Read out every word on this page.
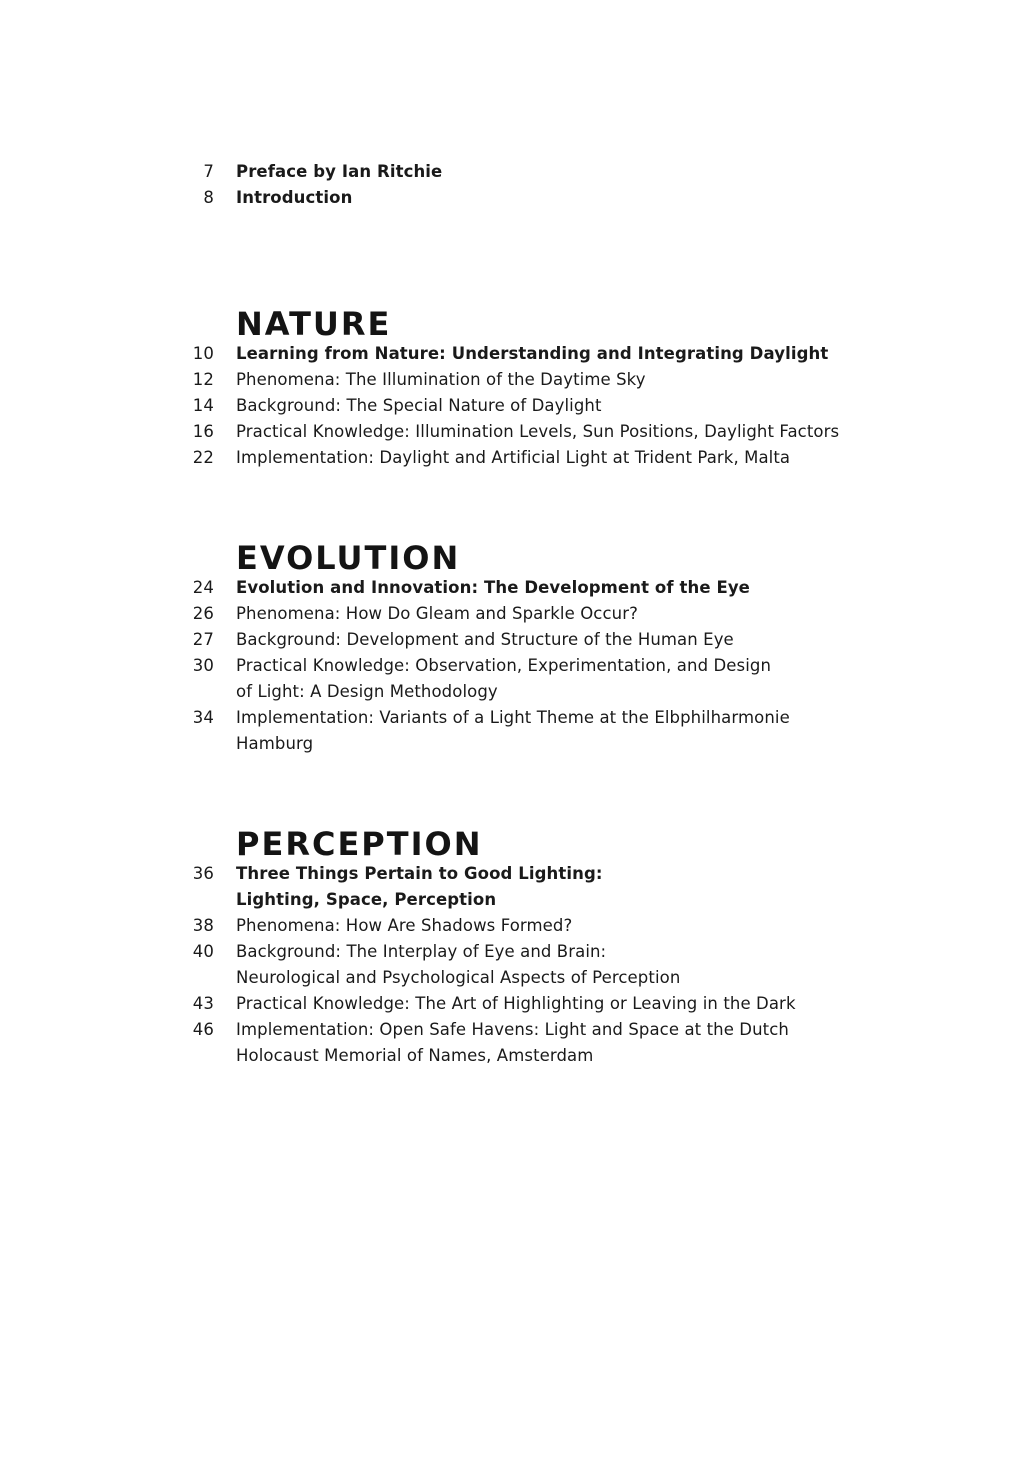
7 Preface by Ian Ritchie
8 Introduction
NATURE
10 Learning from Nature: Understanding and Integrating Daylight
12 Phenomena: The Illumination of the Daytime Sky
14 Background: The Special Nature of Daylight
16 Practical Knowledge: Illumination Levels, Sun Positions, Daylight Factors
22 Implementation: Daylight and Artificial Light at Trident Park, Malta
EVOLUTION
24 Evolution and Innovation: The Development of the Eye
26 Phenomena: How Do Gleam and Sparkle Occur?
27 Background: Development and Structure of the Human Eye
30 Practical Knowledge: Observation, Experimentation, and Design
of Light: A Design Methodology
34 Implementation: Variants of a Light Theme at the Elbphilharmonie
Hamburg
PERCEPTION
36 Three Things Pertain to Good Lighting:
Lighting, Space, Perception
38 Phenomena: How Are Shadows Formed?
40 Background: The Interplay of Eye and Brain:
Neurological and Psychological Aspects of Perception
43 Practical Knowledge: The Art of Highlighting or Leaving in the Dark
46 Implementation: Open Safe Havens: Light and Space at the Dutch
Holocaust Memorial of Names, Amsterdam
